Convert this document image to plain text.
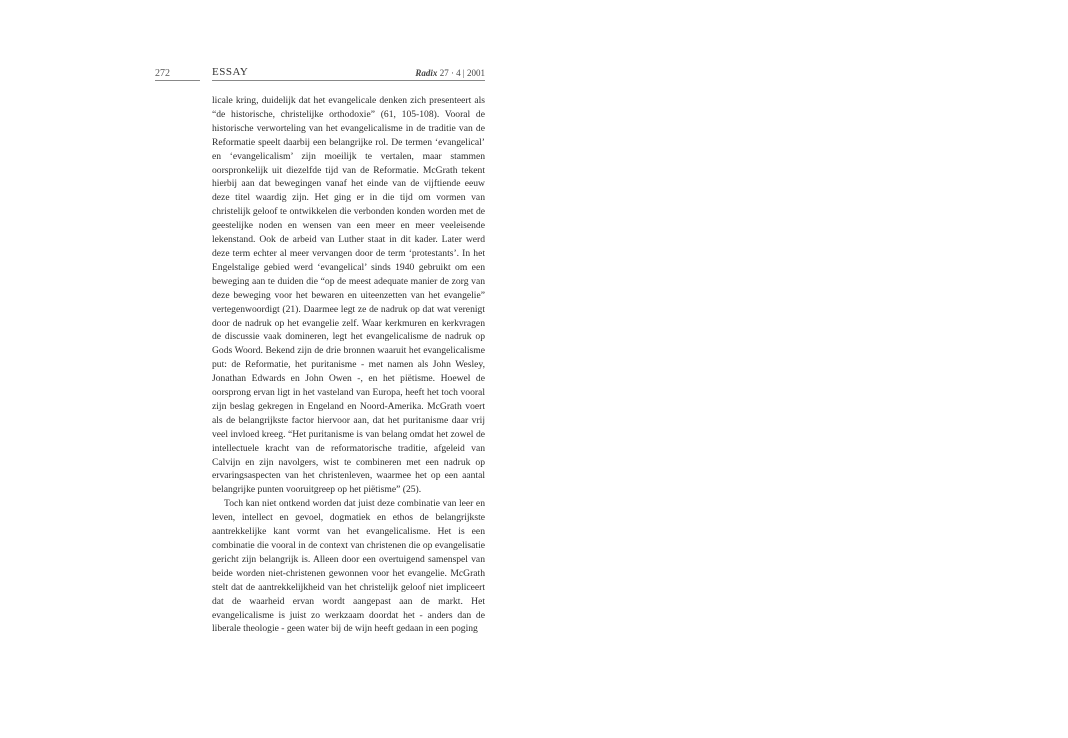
272	ESSAY	Radix 27 · 4 | 2001

licale kring, duidelijk dat het evangelicale denken zich presenteert als “de historische, christelijke orthodoxie” (61, 105-108). Vooral de historische verworteling van het evangelicalisme in de traditie van de Reformatie speelt daarbij een belangrijke rol. De termen ‘evangelical’ en ‘evangelicalism’ zijn moeilijk te vertalen, maar stammen oorspronkelijk uit diezelfde tijd van de Reformatie. McGrath tekent hierbij aan dat bewegingen vanaf het einde van de vijftiende eeuw deze titel waardig zijn. Het ging er in die tijd om vormen van christelijk geloof te ontwikkelen die verbonden konden worden met de geestelijke noden en wensen van een meer en meer veeleisende lekenstand. Ook de arbeid van Luther staat in dit kader. Later werd deze term echter al meer vervangen door de term ‘protestants’. In het Engelstalige gebied werd ‘evangelical’ sinds 1940 gebruikt om een beweging aan te duiden die “op de meest adequate manier de zorg van deze beweging voor het bewaren en uiteenzetten van het evangelie” vertegenwoordigt (21). Daarmee legt ze de nadruk op dat wat verenigt door de nadruk op het evangelie zelf. Waar kerkmuren en kerkvragen de discussie vaak domineren, legt het evangelicalisme de nadruk op Gods Woord. Bekend zijn de drie bronnen waaruit het evangelicalisme put: de Reformatie, het puritanisme - met namen als John Wesley, Jonathan Edwards en John Owen -, en het piëtisme. Hoewel de oorsprong ervan ligt in het vasteland van Europa, heeft het toch vooral zijn beslag gekregen in Engeland en Noord-Amerika. McGrath voert als de belangrijkste factor hiervoor aan, dat het puritanisme daar vrij veel invloed kreeg. “Het puritanisme is van belang omdat het zowel de intellectuele kracht van de reformatorische traditie, afgeleid van Calvijn en zijn navolgers, wist te combineren met een nadruk op ervaringsaspecten van het christenleven, waarmee het op een aantal belangrijke punten vooruitgreep op het piëtisme” (25).

Toch kan niet ontkend worden dat juist deze combinatie van leer en leven, intellect en gevoel, dogmatiek en ethos de belangrijkste aantrekkelijke kant vormt van het evangelicalisme. Het is een combinatie die vooral in de context van christenen die op evangelisatie gericht zijn belangrijk is. Alleen door een overtuigend samenspel van beide worden niet-christenen gewonnen voor het evangelie. McGrath stelt dat de aantrekkelijkheid van het christelijk geloof niet impliceert dat de waarheid ervan wordt aangepast aan de markt. Het evangelicalisme is juist zo werkzaam doordat het - anders dan de liberale theologie - geen water bij de wijn heeft gedaan in een poging
